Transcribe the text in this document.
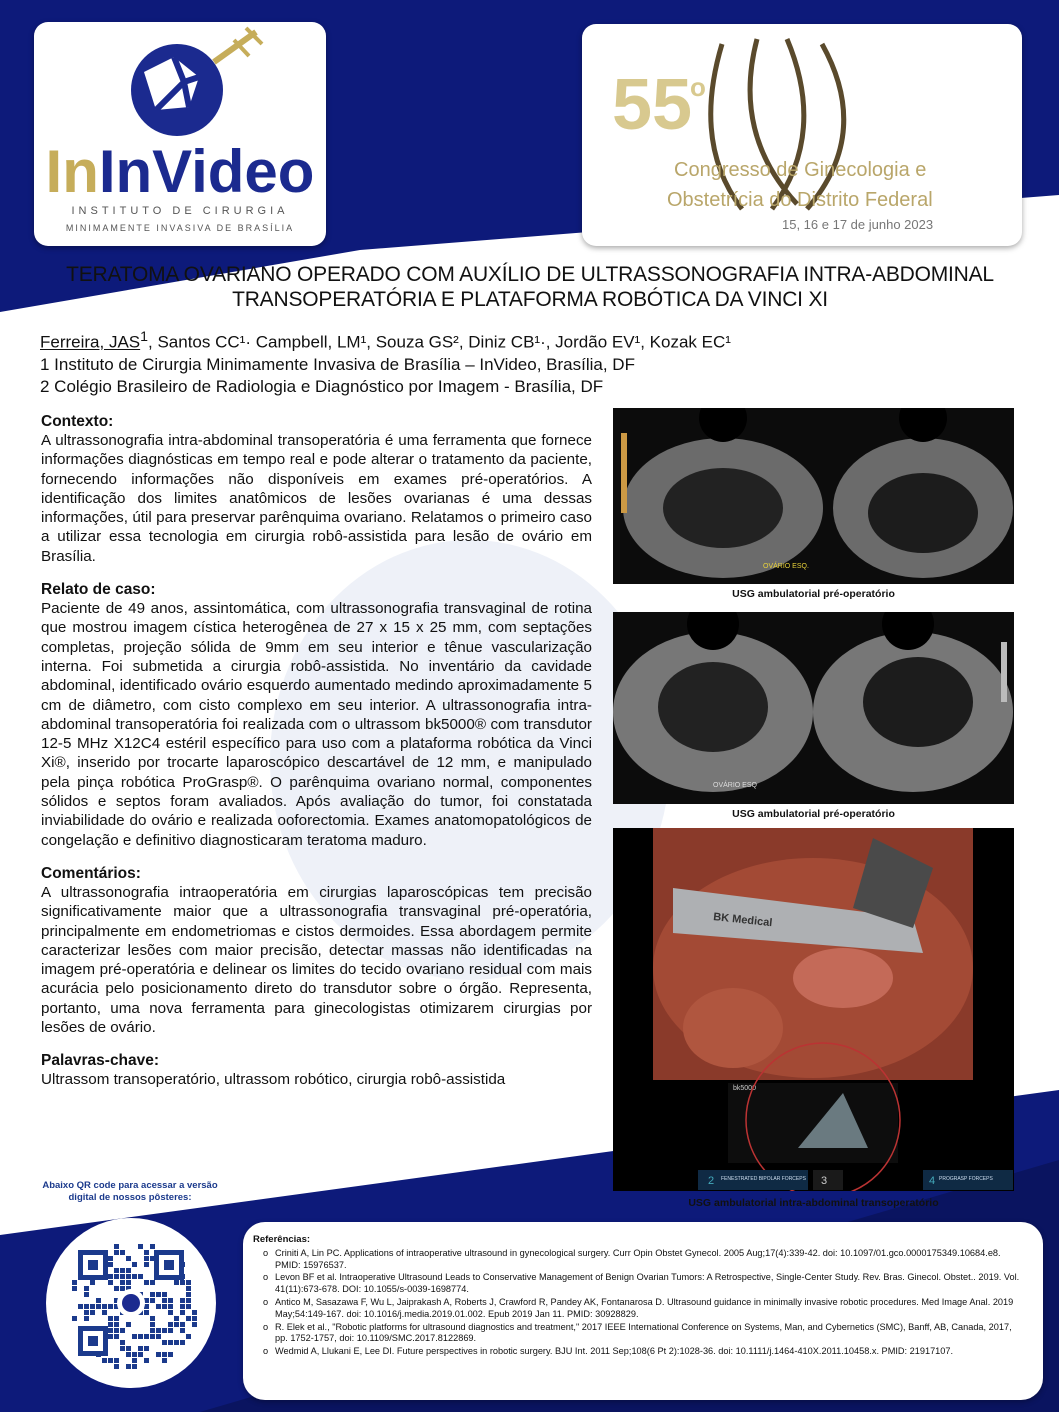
InInVideo
INSTITUTO DE CIRURGIA
MINIMAMENTE INVASIVA DE BRASÍLIA
55
o
Congresso de Ginecologia e
Obstetrícia do Distrito Federal
15, 16 e 17 de junho 2023
TERATOMA OVARIANO OPERADO COM AUXÍLIO DE ULTRASSONOGRAFIA INTRA-ABDOMINAL
TRANSOPERATÓRIA E PLATAFORMA ROBÓTICA DA VINCI XI
Ferreira, JAS$^1$, Santos CC¹· Campbell, LM¹, Souza GS², Diniz CB¹·, Jordão EV¹, Kozak EC¹
1 Instituto de Cirurgia Minimamente Invasiva de Brasília – InVideo, Brasília, DF
2 Colégio Brasileiro de Radiologia e Diagnóstico por Imagem - Brasília, DF
Contexto:

A ultrassonografia intra-abdominal transoperatória é uma ferramenta que fornece informações diagnósticas em tempo real e pode alterar o tratamento da paciente, fornecendo informações não disponíveis em exames pré-operatórios. A identificação dos limites anatômicos de lesões ovarianas é uma dessas informações, útil para preservar parênquima ovariano. Relatamos o primeiro caso a utilizar essa tecnologia em cirurgia robô-assistida para lesão de ovário em Brasília.

Relato de caso:

Paciente de 49 anos, assintomática, com ultrassonografia transvaginal de rotina que mostrou imagem cística heterogênea de 27 x 15 x 25 mm, com septações completas, projeção sólida de 9mm em seu interior e tênue vascularização interna. Foi submetida a cirurgia robô-assistida. No inventário da cavidade abdominal, identificado ovário esquerdo aumentado medindo aproximadamente 5 cm de diâmetro, com cisto complexo em seu interior. A ultrassonografia intra-abdominal transoperatória foi realizada com o ultrassom bk5000® com transdutor 12-5 MHz X12C4 estéril específico para uso com a plataforma robótica da Vinci Xi®, inserido por trocarte laparoscópico descartável de 12 mm, e manipulado pela pinça robótica ProGrasp®. O parênquima ovariano normal, componentes sólidos e septos foram avaliados. Após avaliação do tumor, foi constatada inviabilidade do ovário e realizada ooforectomia. Exames anatomopatológicos de congelação e definitivo diagnosticaram teratoma maduro.

Comentários:

A ultrassonografia intraoperatória em cirurgias laparoscópicas tem precisão significativamente maior que a ultrassonografia transvaginal pré-operatória, principalmente em endometriomas e cistos dermoides. Essa abordagem permite caracterizar lesões com maior precisão, detectar massas não identificadas na imagem pré-operatória e delinear os limites do tecido ovariano residual com mais acurácia pelo posicionamento direto do transdutor sobre o órgão. Representa, portanto, uma nova ferramenta para ginecologistas otimizarem cirurgias por lesões de ovário.

Palavras-chave:

Ultrassom transoperatório, ultrassom robótico, cirurgia robô-assistida

OVÁRIO ESQ.
USG ambulatorial pré-operatório
OVÁRIO ESQ
USG ambulatorial pré-operatório
BK Medical
bk5000
2 FENESTRATED BIPOLAR FORCEPS 3	4 PROGRASP FORCEPS
USG ambulatorial intra-abdominal transoperatório
Abaixo QR code para acessar a versão digital de nossos pôsteres:
Referências:
o Criniti A, Lin PC. Applications of intraoperative ultrasound in gynecological surgery. Curr Opin Obstet Gynecol. 2005 Aug;17(4):339-42. doi: 10.1097/01.gco.0000175349.10684.e8. PMID: 15976537.
o Levon BF et al. Intraoperative Ultrasound Leads to Conservative Management of Benign Ovarian Tumors: A Retrospective, Single-Center Study. Rev. Bras. Ginecol. Obstet.. 2019. Vol. 41(11):673-678. DOI: 10.1055/s-0039-1698774.
o Antico M, Sasazawa F, Wu L, Jaiprakash A, Roberts J, Crawford R, Pandey AK, Fontanarosa D. Ultrasound guidance in minimally invasive robotic procedures. Med Image Anal. 2019 May;54:149-167. doi: 10.1016/j.media.2019.01.002. Epub 2019 Jan 11. PMID: 30928829.
o R. Elek et al., "Robotic platforms for ultrasound diagnostics and treatment," 2017 IEEE International Conference on Systems, Man, and Cybernetics (SMC), Banff, AB, Canada, 2017, pp. 1752-1757, doi: 10.1109/SMC.2017.8122869.
o Wedmid A, Llukani E, Lee DI. Future perspectives in robotic surgery. BJU Int. 2011 Sep;108(6 Pt 2):1028-36. doi: 10.1111/j.1464-410X.2011.10458.x. PMID: 21917107.
